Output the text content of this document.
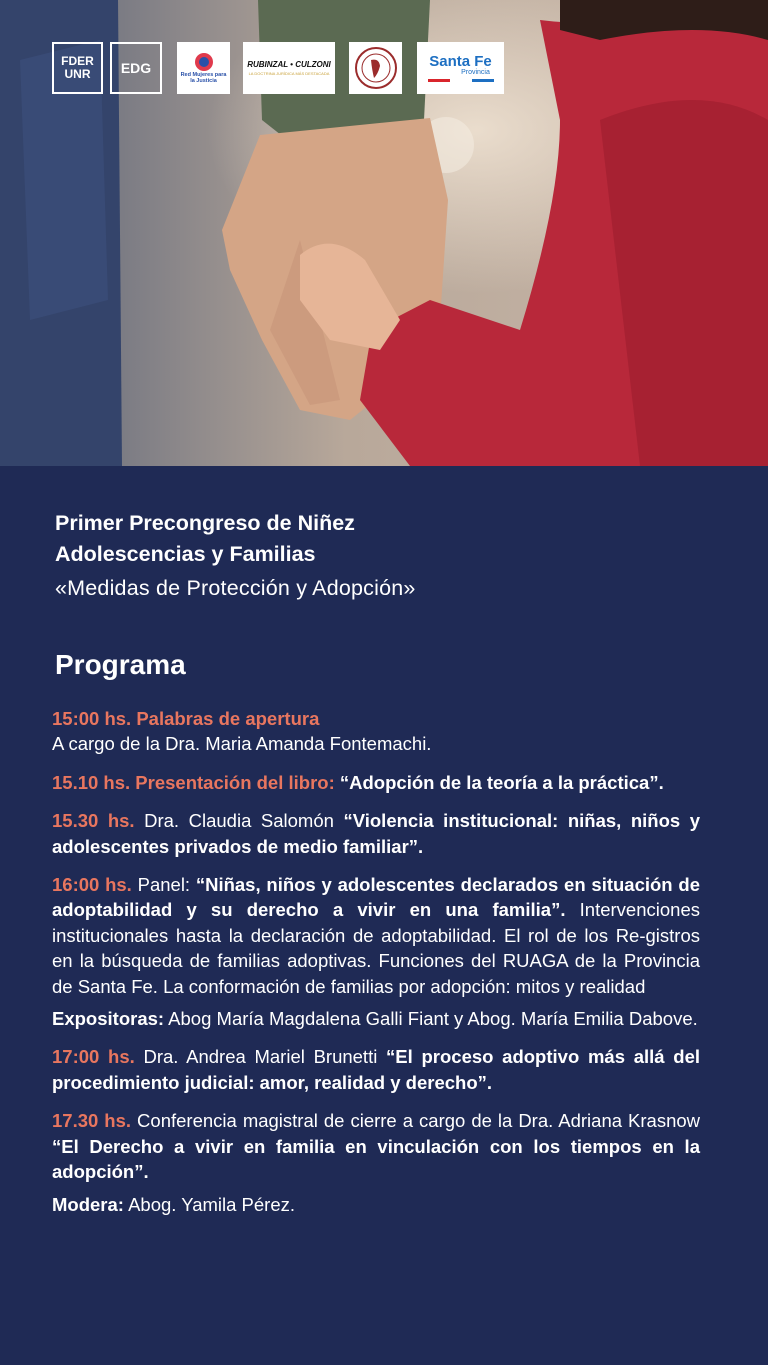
FDER
UNR	EDG	Red Mujeres para la Justicia
RUBINZAL • CULZONI
LA DOCTRINA JURÍDICA MÁS DESTACADA
Santa Fe
Provincia
Primer Precongreso de Niñez
Adolescencias y Familias
«Medidas de Protección y Adopción»
Programa
15:00 hs. Palabras de apertura
A cargo de la Dra. Maria Amanda Fontemachi.
15.10 hs. Presentación del libro: “Adopción de la teoría a la práctica”.
15.30 hs. Dra. Claudia Salomón “Violencia institucional: niñas, niños y adolescentes privados de medio familiar”.
16:00 hs. Panel: “Niñas, niños y adolescentes declarados en situación de adoptabilidad y su derecho a vivir en una familia”. Intervenciones institucionales hasta la declaración de adoptabilidad. El rol de los Re-gistros en la búsqueda de familias adoptivas. Funciones del RUAGA de la Provincia de Santa Fe. La conformación de familias por adopción: mitos y realidad
Expositoras: Abog María Magdalena Galli Fiant y Abog. María Emilia Dabove.
17:00 hs. Dra. Andrea Mariel Brunetti “El proceso adoptivo más allá del procedimiento judicial: amor, realidad y derecho”.
17.30 hs. Conferencia magistral de cierre a cargo de la Dra. Adriana Krasnow “El Derecho a vivir en familia en vinculación con los tiempos en la adopción”.
Modera: Abog. Yamila Pérez.
